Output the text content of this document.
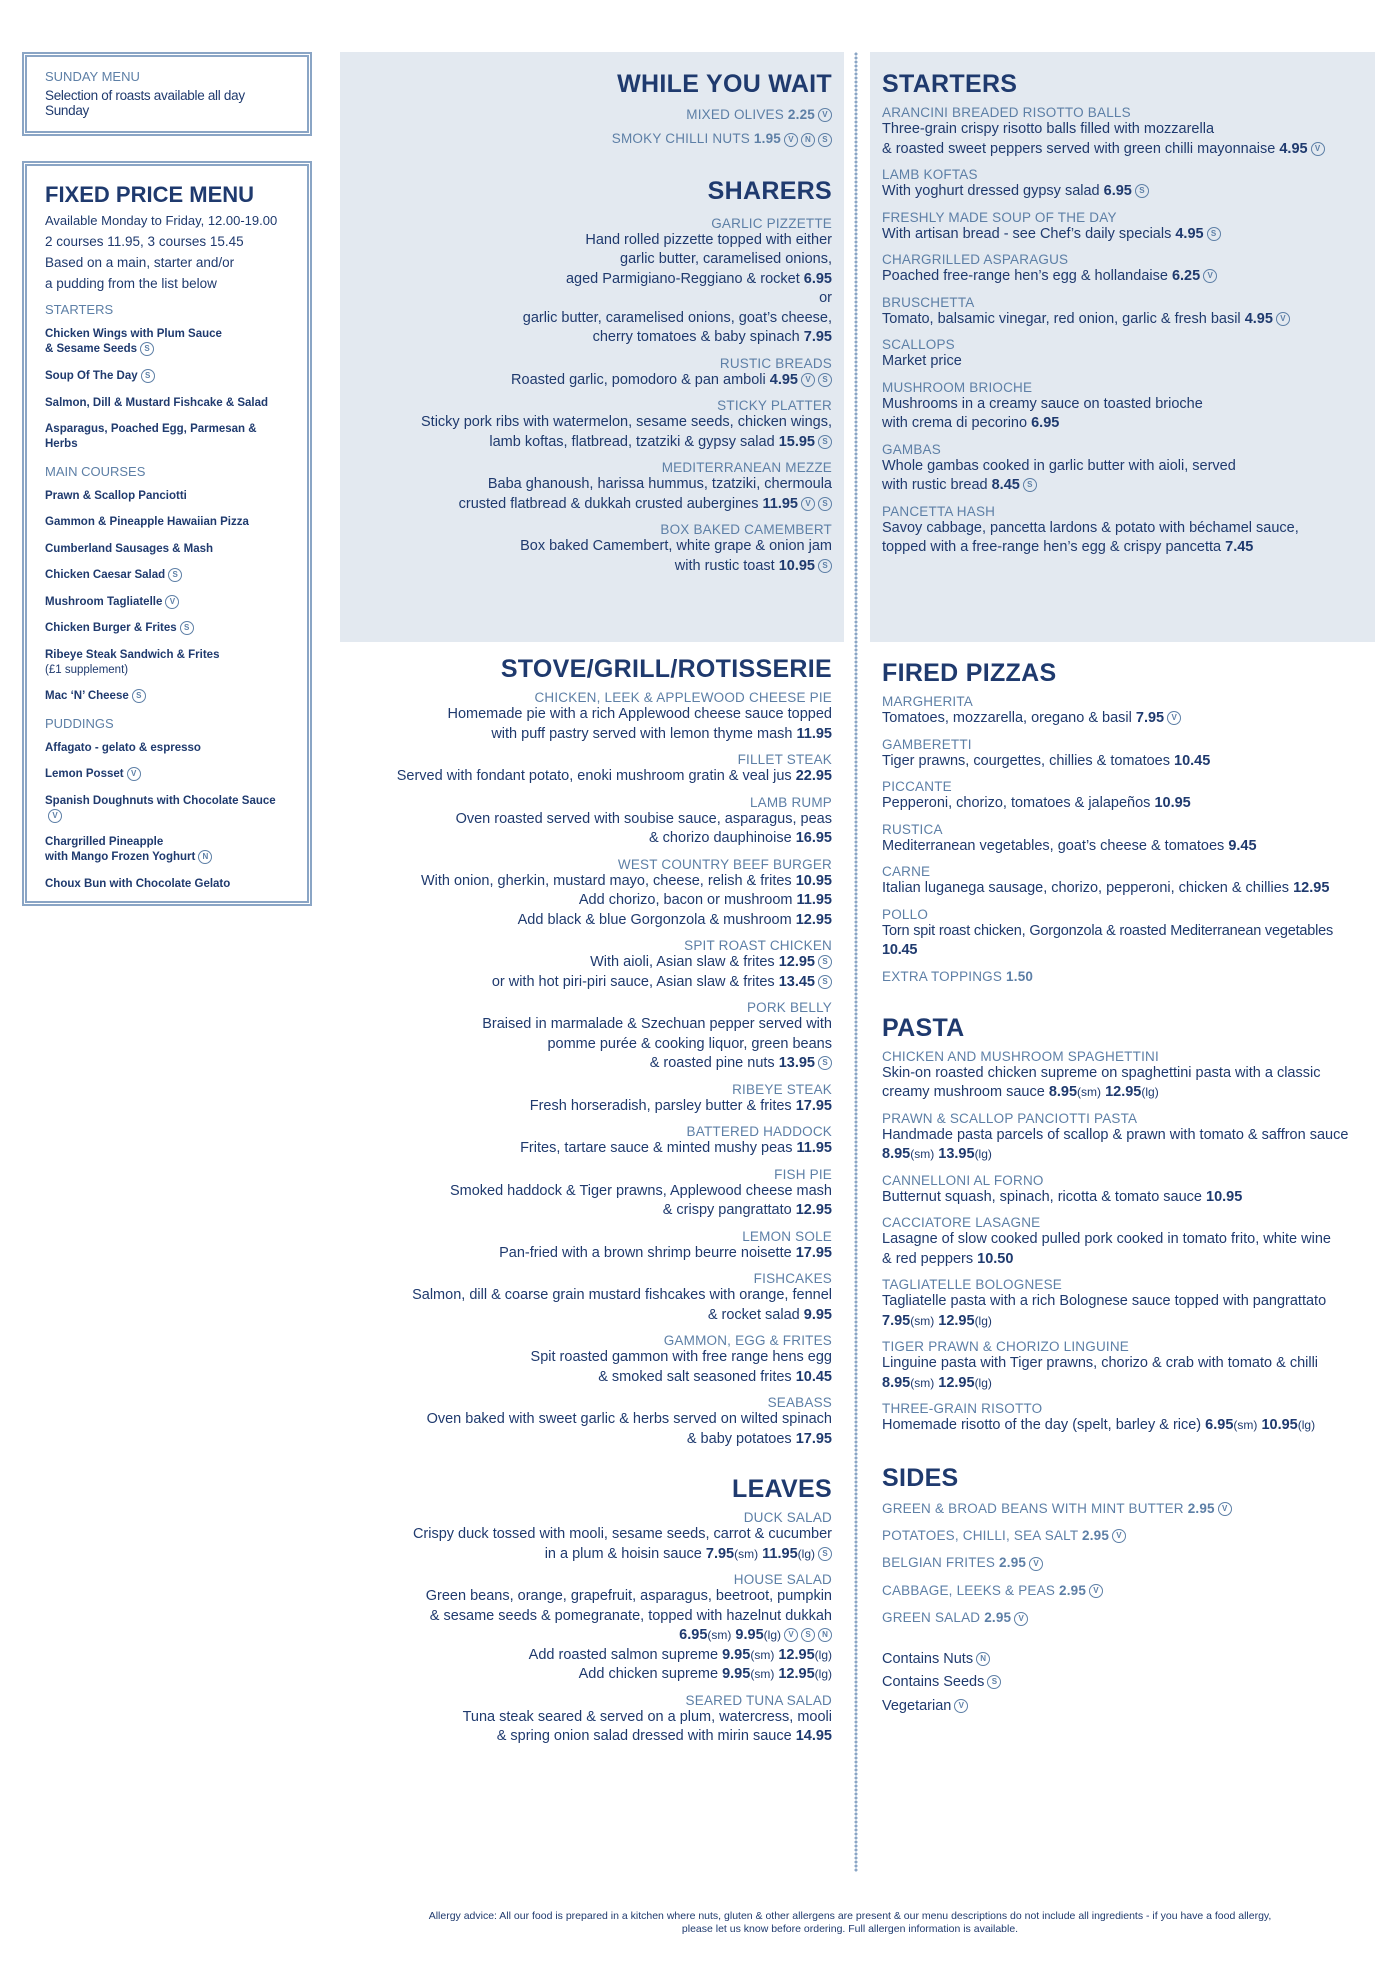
SUNDAY MENU
Selection of roasts available all day Sunday
FIXED PRICE MENU
Available Monday to Friday, 12.00-19.00
2 courses 11.95, 3 courses 15.45
Based on a main, starter and/or
a pudding from the list below
STARTERS
Chicken Wings with Plum Sauce
& Sesame Seeds S
Soup Of The Day S
Salmon, Dill & Mustard Fishcake & Salad
Asparagus, Poached Egg, Parmesan & Herbs
MAIN COURSES
Prawn & Scallop Panciotti
Gammon & Pineapple Hawaiian Pizza
Cumberland Sausages & Mash
Chicken Caesar Salad S
Mushroom Tagliatelle V
Chicken Burger & Frites S
Ribeye Steak Sandwich & Frites
(£1 supplement)
Mac ‘N’ Cheese S
PUDDINGS
Affagato - gelato & espresso
Lemon Posset V
Spanish Doughnuts with Chocolate SauceV
Chargrilled Pineapple
with Mango Frozen Yoghurt N
Choux Bun with Chocolate Gelato
WHILE YOU WAIT
MIXED OLIVES 2.25 V
SMOKY CHILLI NUTS 1.95 V N S
SHARERS
GARLIC PIZZETTE
Hand rolled pizzette topped with either
garlic butter, caramelised onions,
aged Parmigiano-Reggiano & rocket 6.95
or
garlic butter, caramelised onions, goat’s cheese,
cherry tomatoes & baby spinach 7.95
RUSTIC BREADS
Roasted garlic, pomodoro & pan amboli 4.95 V S
STICKY PLATTER
Sticky pork ribs with watermelon, sesame seeds, chicken wings,
lamb koftas, flatbread, tzatziki & gypsy salad 15.95 S
MEDITERRANEAN MEZZE
Baba ghanoush, harissa hummus, tzatziki, chermoula
crusted flatbread & dukkah crusted aubergines 11.95 V S
BOX BAKED CAMEMBERT
Box baked Camembert, white grape & onion jam
with rustic toast 10.95 S
STARTERS
ARANCINI BREADED RISOTTO BALLS
Three-grain crispy risotto balls filled with mozzarella
& roasted sweet peppers served with green chilli mayonnaise 4.95 V
LAMB KOFTAS
With yoghurt dressed gypsy salad 6.95 S
FRESHLY MADE SOUP OF THE DAY
With artisan bread - see Chef’s daily specials 4.95 S
CHARGRILLED ASPARAGUS
Poached free-range hen’s egg & hollandaise 6.25 V
BRUSCHETTA
Tomato, balsamic vinegar, red onion, garlic & fresh basil 4.95 V
SCALLOPS
Market price
MUSHROOM BRIOCHE
Mushrooms in a creamy sauce on toasted brioche
with crema di pecorino 6.95
GAMBAS
Whole gambas cooked in garlic butter with aioli, served
with rustic bread 8.45 S
PANCETTA HASH
Savoy cabbage, pancetta lardons & potato with béchamel sauce,
topped with a free-range hen’s egg & crispy pancetta 7.45
STOVE/GRILL/ROTISSERIE
CHICKEN, LEEK & APPLEWOOD CHEESE PIE
Homemade pie with a rich Applewood cheese sauce topped
with puff pastry served with lemon thyme mash 11.95
FILLET STEAK
Served with fondant potato, enoki mushroom gratin & veal jus 22.95
LAMB RUMP
Oven roasted served with soubise sauce, asparagus, peas
& chorizo dauphinoise 16.95
WEST COUNTRY BEEF BURGER
With onion, gherkin, mustard mayo, cheese, relish & frites 10.95
Add chorizo, bacon or mushroom 11.95
Add black & blue Gorgonzola & mushroom 12.95
SPIT ROAST CHICKEN
With aioli, Asian slaw & frites 12.95 S
or with hot piri-piri sauce, Asian slaw & frites 13.45 S
PORK BELLY
Braised in marmalade & Szechuan pepper served with
pomme purée & cooking liquor, green beans
& roasted pine nuts 13.95 S
RIBEYE STEAK
Fresh horseradish, parsley butter & frites 17.95
BATTERED HADDOCK
Frites, tartare sauce & minted mushy peas 11.95
FISH PIE
Smoked haddock & Tiger prawns, Applewood cheese mash
& crispy pangrattato 12.95
LEMON SOLE
Pan-fried with a brown shrimp beurre noisette 17.95
FISHCAKES
Salmon, dill & coarse grain mustard fishcakes with orange, fennel
& rocket salad 9.95
GAMMON, EGG & FRITES
Spit roasted gammon with free range hens egg
& smoked salt seasoned frites 10.45
SEABASS
Oven baked with sweet garlic & herbs served on wilted spinach
& baby potatoes 17.95
LEAVES
DUCK SALAD
Crispy duck tossed with mooli, sesame seeds, carrot & cucumber
in a plum & hoisin sauce 7.95(sm) 11.95(lg) S
HOUSE SALAD
Green beans, orange, grapefruit, asparagus, beetroot, pumpkin
& sesame seeds & pomegranate, topped with hazelnut dukkah
6.95(sm) 9.95(lg) V S N
Add roasted salmon supreme 9.95(sm) 12.95(lg)
Add chicken supreme 9.95(sm) 12.95(lg)
SEARED TUNA SALAD
Tuna steak seared & served on a plum, watercress, mooli
& spring onion salad dressed with mirin sauce 14.95
FIRED PIZZAS
MARGHERITA
Tomatoes, mozzarella, oregano & basil 7.95 V
GAMBERETTI
Tiger prawns, courgettes, chillies & tomatoes 10.45
PICCANTE
Pepperoni, chorizo, tomatoes & jalapeños 10.95
RUSTICA
Mediterranean vegetables, goat’s cheese & tomatoes 9.45
CARNE
Italian luganega sausage, chorizo, pepperoni, chicken & chillies 12.95
POLLO
Torn spit roast chicken, Gorgonzola & roasted Mediterranean vegetables 10.45
EXTRA TOPPINGS 1.50
PASTA
CHICKEN AND MUSHROOM SPAGHETTINI
Skin-on roasted chicken supreme on spaghettini pasta with a classic
creamy mushroom sauce 8.95(sm) 12.95(lg)
PRAWN & SCALLOP PANCIOTTI PASTA
Handmade pasta parcels of scallop & prawn with tomato & saffron sauce
8.95(sm) 13.95(lg)
CANNELLONI AL FORNO
Butternut squash, spinach, ricotta & tomato sauce 10.95
CACCIATORE LASAGNE
Lasagne of slow cooked pulled pork cooked in tomato frito, white wine
& red peppers 10.50
TAGLIATELLE BOLOGNESE
Tagliatelle pasta with a rich Bolognese sauce topped with pangrattato
7.95(sm) 12.95(lg)
TIGER PRAWN & CHORIZO LINGUINE
Linguine pasta with Tiger prawns, chorizo & crab with tomato & chilli
8.95(sm) 12.95(lg)
THREE-GRAIN RISOTTO
Homemade risotto of the day (spelt, barley & rice) 6.95(sm) 10.95(lg)
SIDES
GREEN & BROAD BEANS WITH MINT BUTTER 2.95 V
POTATOES, CHILLI, SEA SALT 2.95 V
BELGIAN FRITES 2.95 V
CABBAGE, LEEKS & PEAS 2.95 V
GREEN SALAD 2.95 V
Contains Nuts N
Contains Seeds S
Vegetarian V
Allergy advice: All our food is prepared in a kitchen where nuts, gluten & other allergens are present & our menu descriptions do not include all ingredients - if you have a food allergy,
please let us know before ordering. Full allergen information is available.
